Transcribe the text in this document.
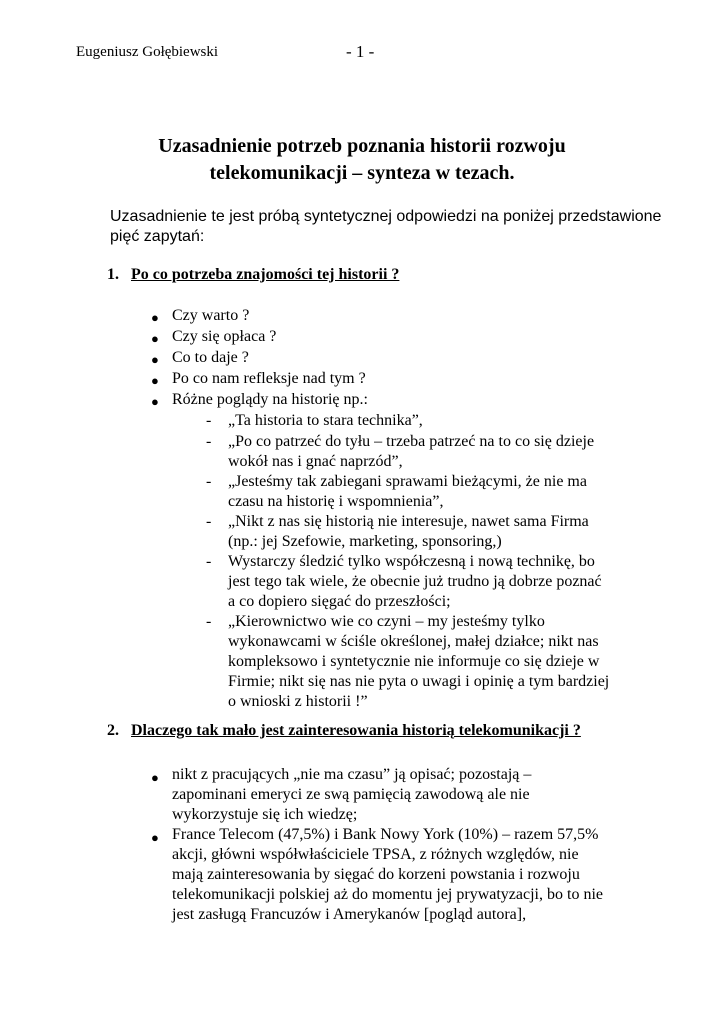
Eugeniusz Gołębiewski	- 1 -
Uzasadnienie potrzeb poznania historii rozwoju
telekomunikacji – synteza w tezach.
Uzasadnienie te jest próbą syntetycznej odpowiedzi na poniżej przedstawione
pięć zapytań:
1. Po co potrzeba znajomości tej historii ?
● Czy warto ?
● Czy się opłaca ?
● Co to daje ?
● Po co nam refleksje nad tym ?
● Różne poglądy na historię np.:
- „Ta historia to stara technika”,
- „Po co patrzeć do tyłu – trzeba patrzeć na to co się dzieje
wokół nas i gnać naprzód”,
- „Jesteśmy tak zabiegani sprawami bieżącymi, że nie ma
czasu na historię i wspomnienia”,
- „Nikt z nas się historią nie interesuje, nawet sama Firma
(np.: jej Szefowie, marketing, sponsoring,)
- Wystarczy śledzić tylko współczesną i nową technikę, bo
jest tego tak wiele, że obecnie już trudno ją dobrze poznać
a co dopiero sięgać do przeszłości;
- „Kierownictwo wie co czyni – my jesteśmy tylko
wykonawcami w ściśle określonej, małej działce; nikt nas
kompleksowo i syntetycznie nie informuje co się dzieje w
Firmie; nikt się nas nie pyta o uwagi i opinię a tym bardziej
o wnioski z historii !”
2. Dlaczego tak mało jest zainteresowania historią telekomunikacji ?
● nikt z pracujących „nie ma czasu” ją opisać; pozostają –
zapominani emeryci ze swą pamięcią zawodową ale nie
wykorzystuje się ich wiedzę;
● France Telecom (47,5%) i Bank Nowy York (10%) – razem 57,5%
akcji, główni współwłaściciele TPSA, z różnych względów, nie
mają zainteresowania by sięgać do korzeni powstania i rozwoju
telekomunikacji polskiej aż do momentu jej prywatyzacji, bo to nie
jest zasługą Francuzów i Amerykanów [pogląd autora],
